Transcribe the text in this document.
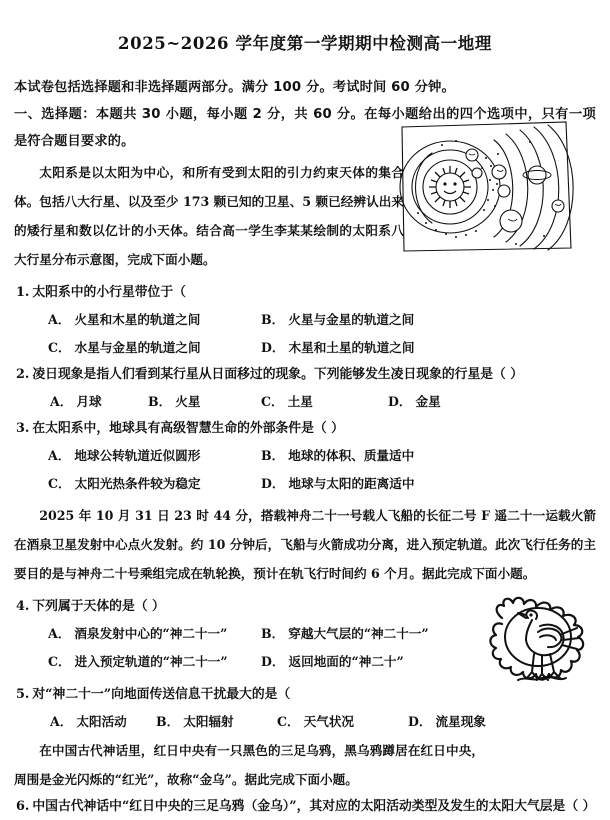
2025~2026 学年度第一学期期中检测高一地理

本试卷包括选择题和非选择题两部分。满分 100 分。考试时间 60 分钟。

一、选择题：本题共 30 小题，每小题 2 分，共 60 分。在每小题给出的四个选项中，只有一项是符合题目要求的。

太阳系是以太阳为中心，和所有受到太阳的引力约束天体的集合体。包括八大行星、以及至少 173 颗已知的卫星、5 颗已经辨认出来的矮行星和数以亿计的小天体。结合高一学生李某某绘制的太阳系八大行星分布示意图，完成下面小题。

1. 太阳系中的小行星带位于（

A． 火星和木星的轨道之间	B． 火星与金星的轨道之间
C． 水星与金星的轨道之间	D． 木星和土星的轨道之间

2. 凌日现象是指人们看到某行星从日面移过的现象。下列能够发生凌日现象的行星是（ ）

A． 月球	B． 火星	C． 土星	D． 金星

3. 在太阳系中，地球具有高级智慧生命的外部条件是（ ）

A． 地球公转轨道近似圆形	B． 地球的体积、质量适中
C． 太阳光热条件较为稳定	D． 地球与太阳的距离适中

2025 年 10 月 31 日 23 时 44 分，搭载神舟二十一号载人飞船的长征二号 F 遥二十一运载火箭在酒泉卫星发射中心点火发射。约 10 分钟后，飞船与火箭成功分离，进入预定轨道。此次飞行任务的主要目的是与神舟二十号乘组完成在轨轮换，预计在轨飞行时间约 6 个月。据此完成下面小题。

4. 下列属于天体的是（ ）

A． 酒泉发射中心的“神二十一”	B． 穿越大气层的“神二十一”
C． 进入预定轨道的“神二十一”	D． 返回地面的“神二十”

5. 对“神二十一”向地面传送信息干扰最大的是（

A． 太阳活动 B． 太阳辐射	C． 天气状况	D． 流星现象

在中国古代神话里，红日中央有一只黑色的三足乌鸦，黑乌鸦蹲居在红日中央，周围是金光闪烁的“红光”，故称“金乌”。据此完成下面小题。

6. 中国古代神话中“红日中央的三足乌鸦（金乌）”，其对应的太阳活动类型及发生的太阳大气层是（ ）
